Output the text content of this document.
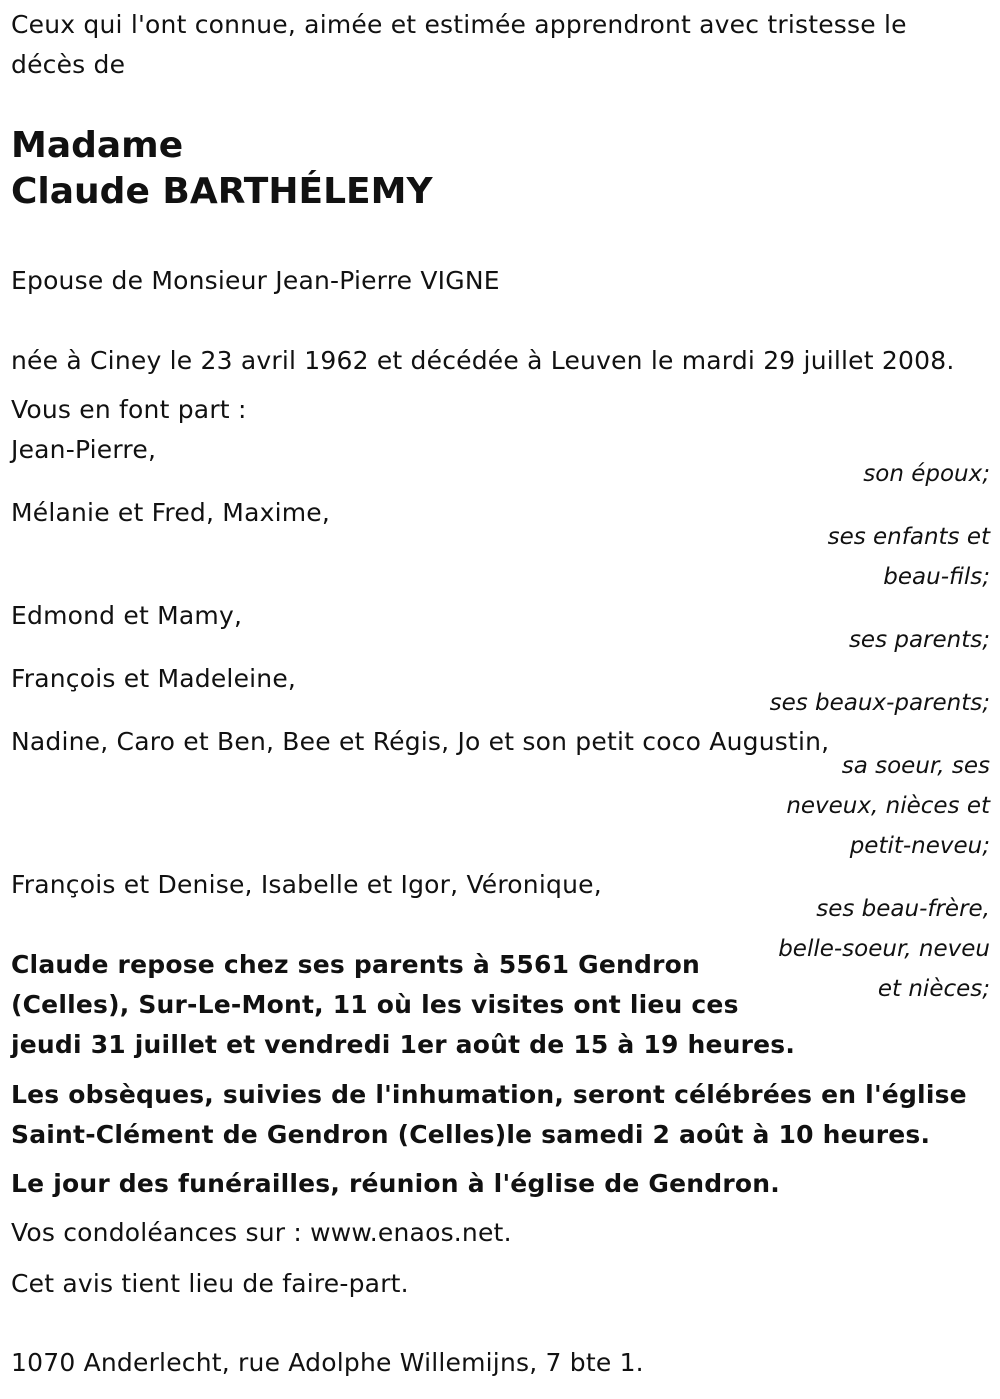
Ceux qui l'ont connue, aimée et estimée apprendront avec tristesse le décès de
Madame
Claude BARTHÉLEMY
Epouse de Monsieur Jean-Pierre VIGNE
née à Ciney le 23 avril 1962 et décédée à Leuven le mardi 29 juillet 2008.
Vous en font part :
Jean-Pierre,
son époux;
Mélanie et Fred, Maxime,
ses enfants et
beau-fils;
Edmond et Mamy,
ses parents;
François et Madeleine,
ses beaux-parents;
Nadine, Caro et Ben, Bee et Régis, Jo et son petit coco Augustin,
sa soeur, ses
neveux, nièces et
petit-neveu;
François et Denise, Isabelle et Igor, Véronique,
ses beau-frère,
belle-soeur, neveu
et nièces;
Claude repose chez ses parents à 5561 Gendron
(Celles), Sur-Le-Mont, 11 où les visites ont lieu ces
jeudi 31 juillet et vendredi 1er août de 15 à 19 heures.
Les obsèques, suivies de l'inhumation, seront célébrées en l'église
Saint-Clément de Gendron (Celles)le samedi 2 août à 10 heures.
Le jour des funérailles, réunion à l'église de Gendron.
Vos condoléances sur : www.enaos.net.
Cet avis tient lieu de faire-part.
1070 Anderlecht, rue Adolphe Willemijns, 7 bte 1.
